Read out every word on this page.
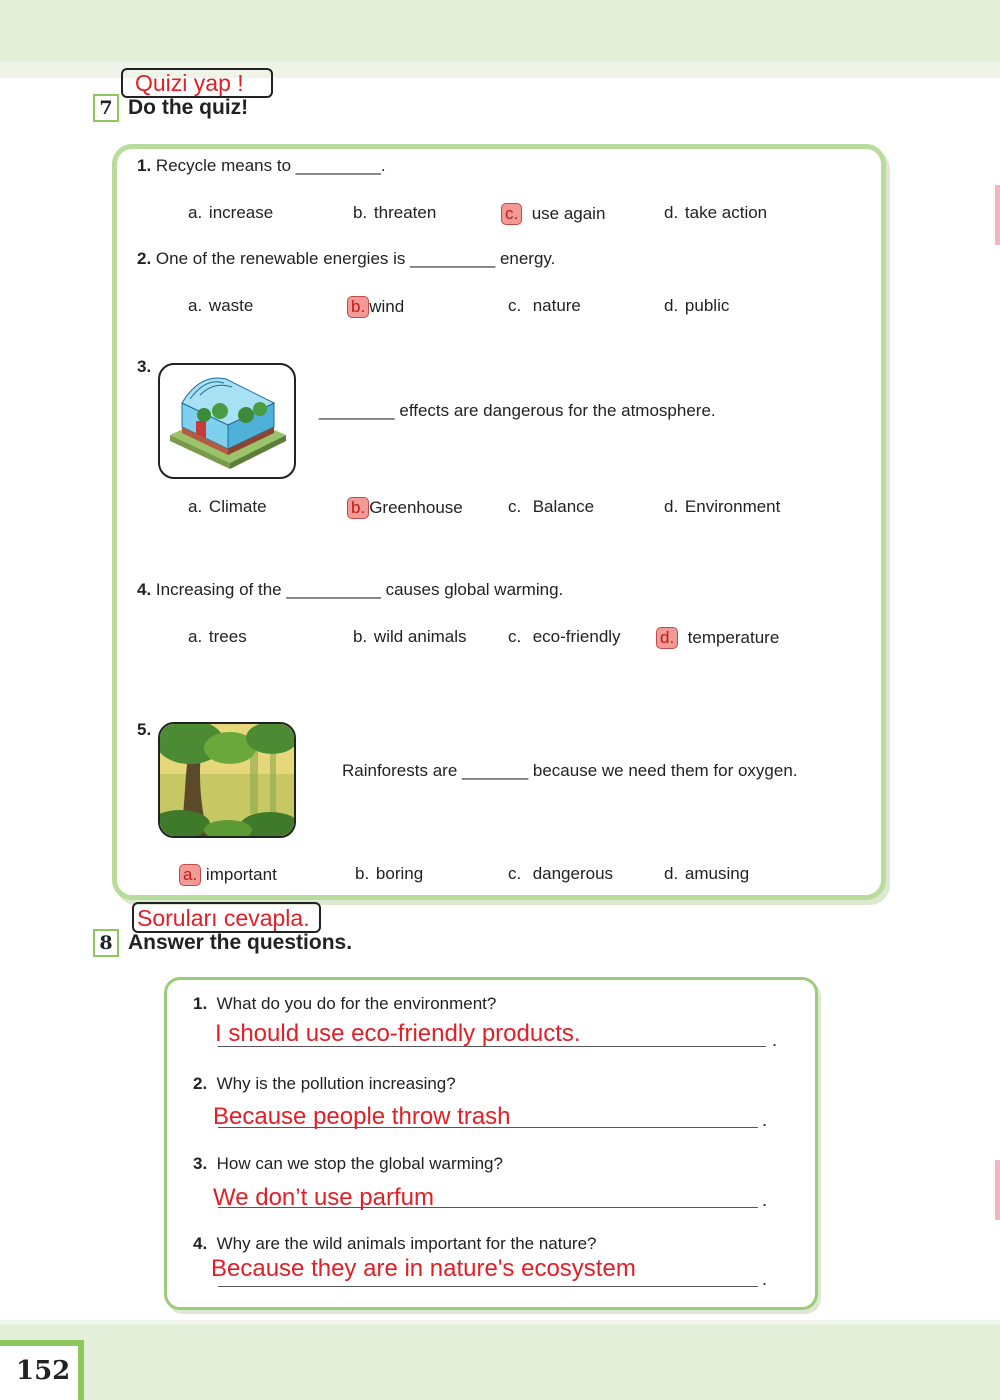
152
Quizi yap !
7 Do the quiz!
1. Recycle means to _________.
a. increase	b. threaten	c. use again	d. take action
2. One of the renewable energies is _________ energy.
a. waste	b. wind	c. nature	d. public
3.
________ effects are dangerous for the atmosphere.
a. Climate	b. Greenhouse	c. Balance	d. Environment
4. Increasing of the __________ causes global warming.
a. trees	b. wild animals c. eco-friendly d. temperature
5.
Rainforests are _______ because we need them for oxygen.
a. important	b. boring	c. dangerous	d. amusing
Soruları cevapla.
8 Answer the questions.
1. What do you do for the environment?
I should use eco-friendly products.	.
2. Why is the pollution increasing?
Because people throw trash	.
3. How can we stop the global warming?
We don’t use parfum	.
4. Why are the wild animals important for the nature?
Because they are in nature's ecosystem	.
